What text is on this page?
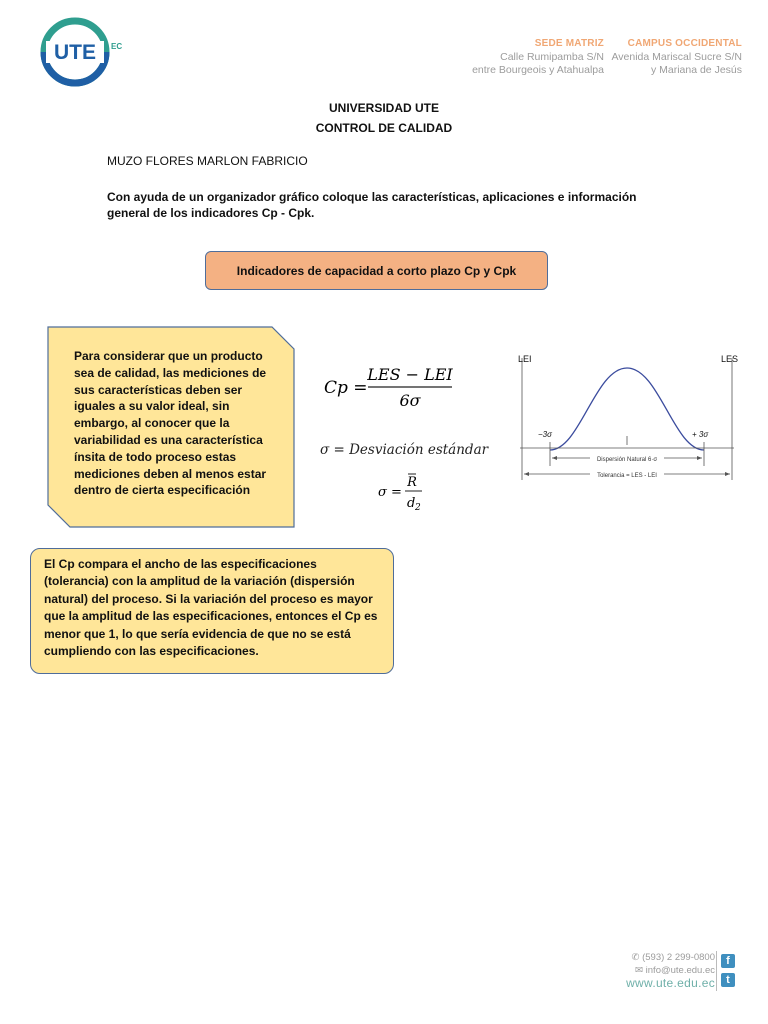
UTE EC	SEDE MATRIZ
Calle Rumipamba S/N
entre Bourgeois y Atahualpa
CAMPUS OCCIDENTAL
Avenida Mariscal Sucre S/N
y Mariana de Jesús
UNIVERSIDAD UTE
CONTROL DE CALIDAD
MUZO FLORES MARLON FABRICIO
Con ayuda de un organizador gráfico coloque las características, aplicaciones e información general de los indicadores Cp - Cpk.
Indicadores de capacidad a corto plazo Cp y Cpk
Para considerar que un producto sea de calidad, las mediciones de sus características deben ser iguales a su valor ideal, sin embargo, al conocer que la variabilidad es una característica ínsita de todo proceso estas mediciones deben al menos estar dentro de cierta especificación
El Cp compara el ancho de las especificaciones (tolerancia) con la amplitud de la variación (dispersión natural) del proceso. Si la variación del proceso es mayor que la amplitud de las especificaciones, entonces el Cp es menor que 1, lo que sería evidencia de que no se está cumpliendo con las especificaciones.
Cp =
LES − LEI
6σ
σ = Desviación estándar
σ =
R
d 2
LEI	LES
−3σ	+ 3σ
Dispersión Natural 6·σ
Tolerancia = LES - LEI
✆ (593) 2 299-0800
✉ info@ute.edu.ec
www.ute.edu.ec
f
t
